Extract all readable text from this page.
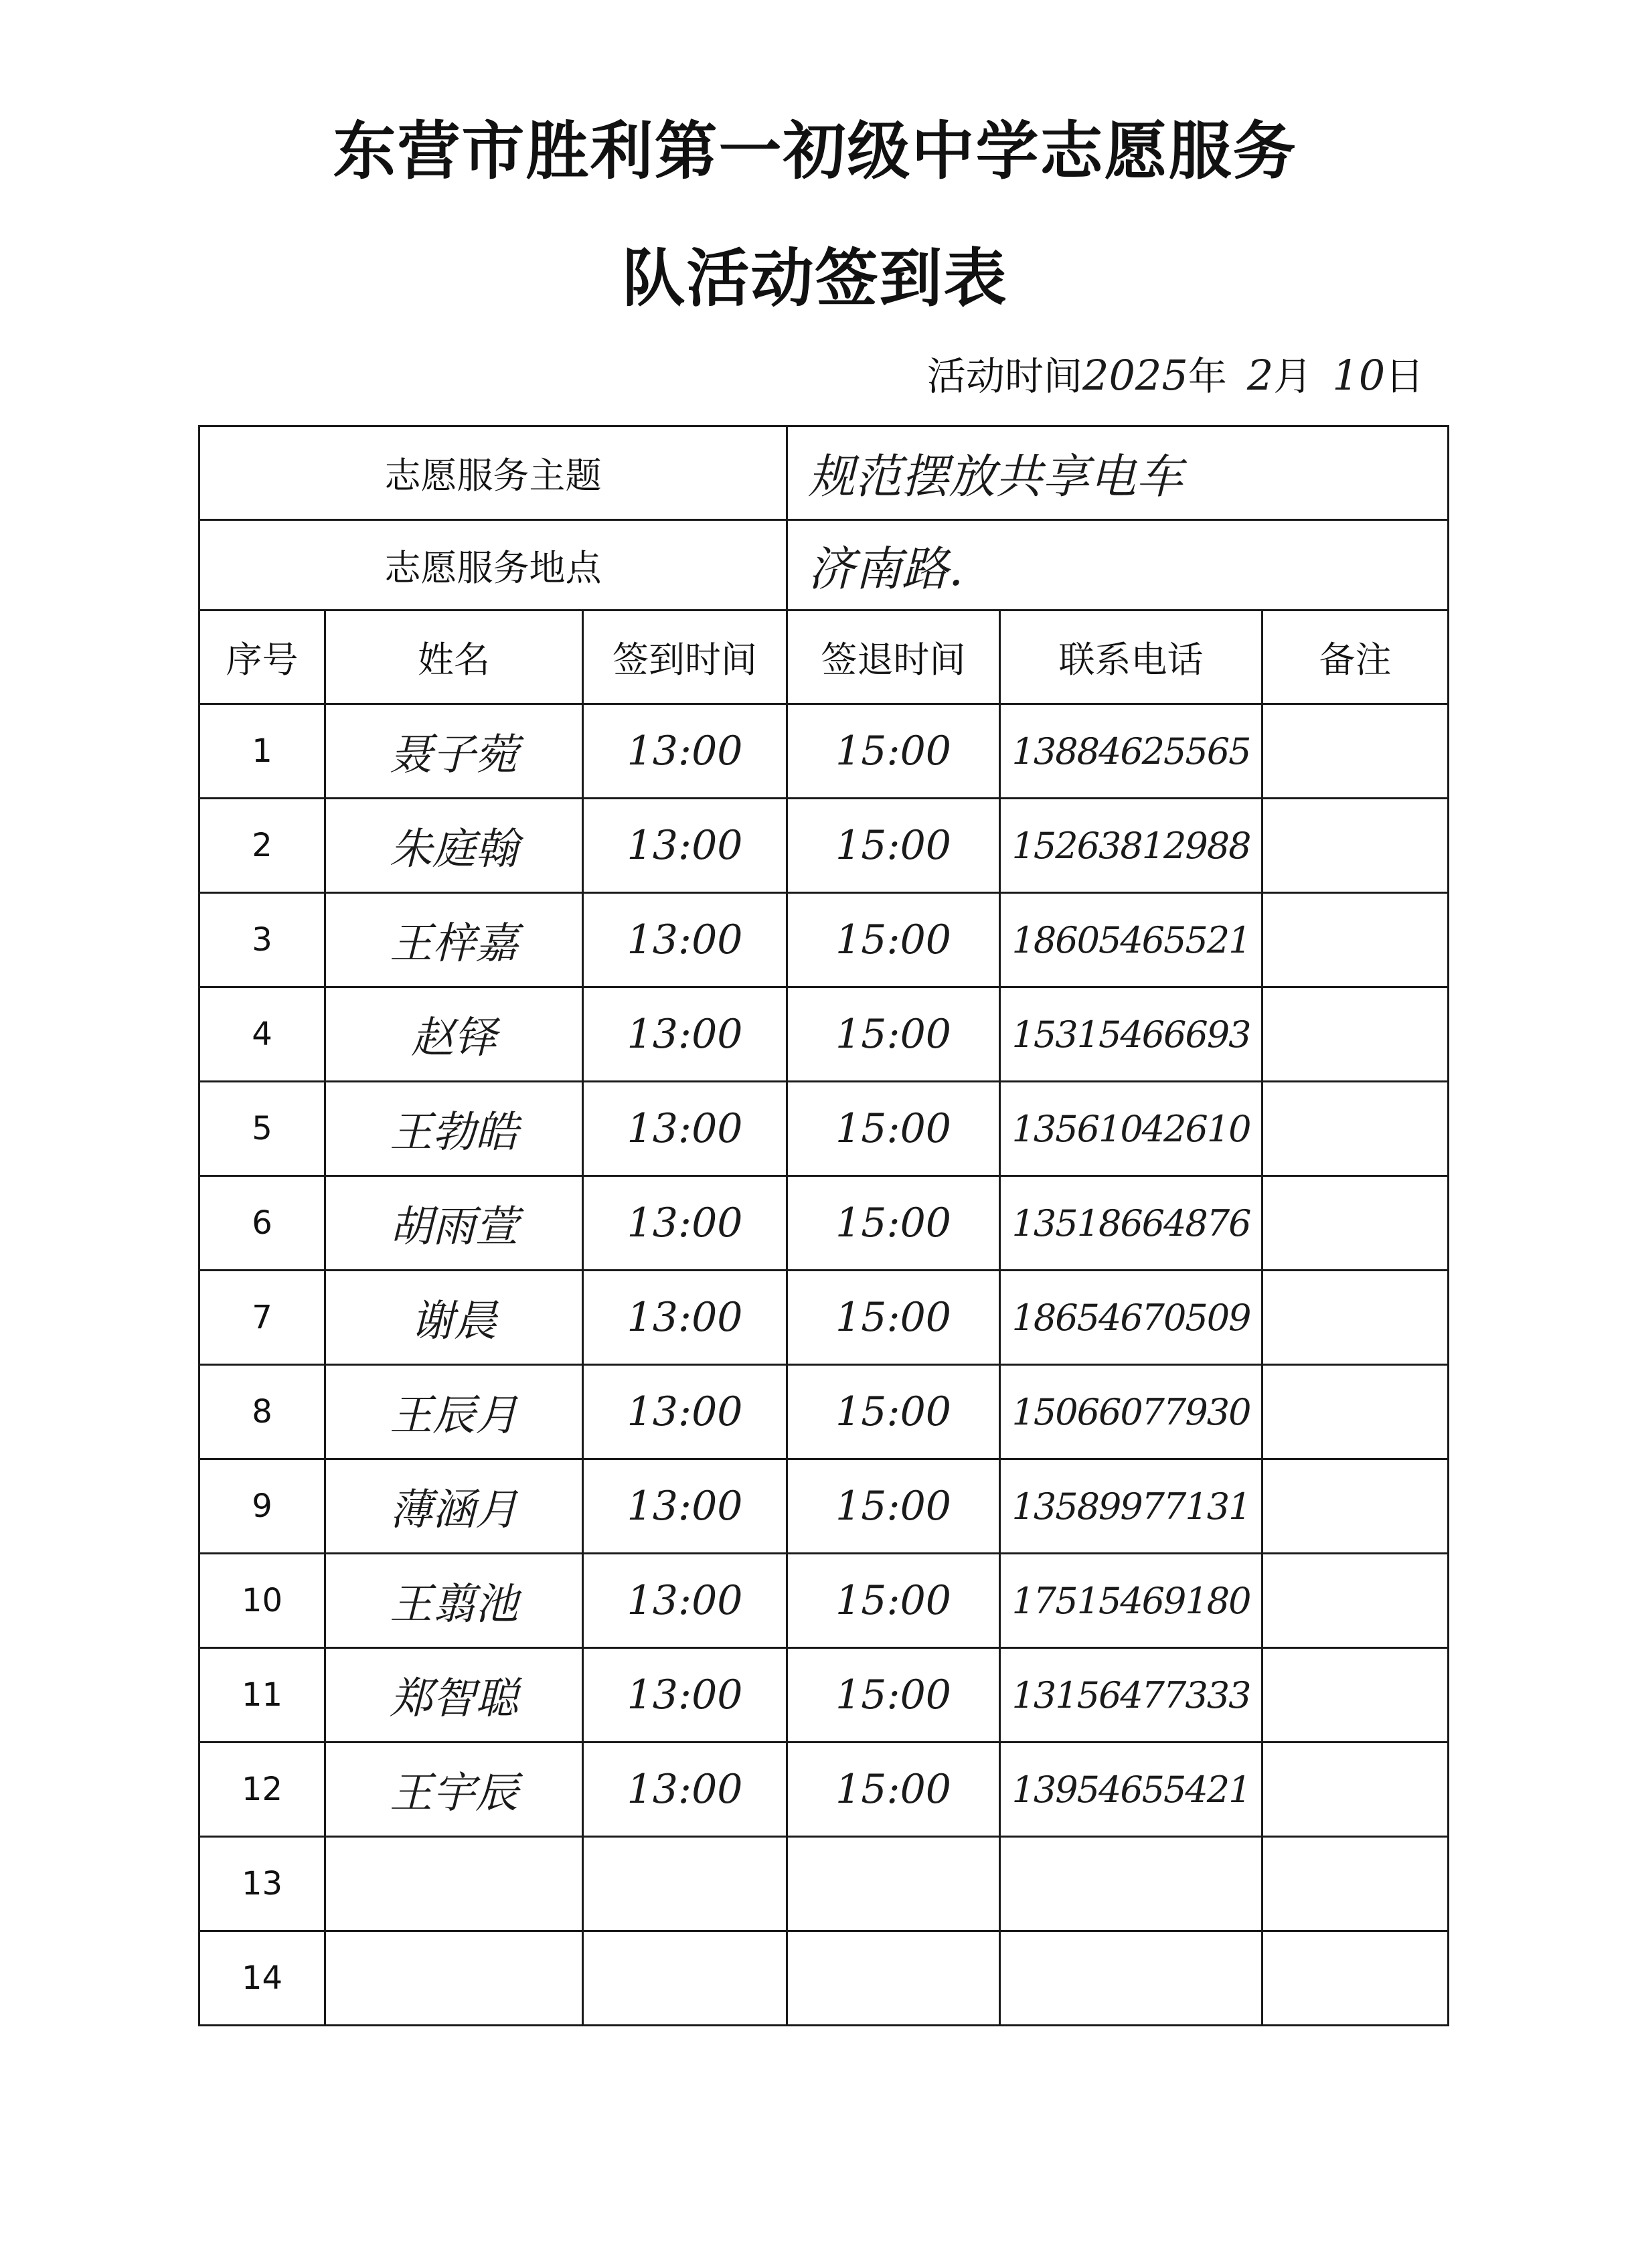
东营市胜利第一初级中学志愿服务
队活动签到表
活动时间2025年 2月 10日
志愿服务主题			规范摆放共享电车		
志愿服务地点			济南路.		
序号	姓名	签到时间	签退时间	联系电话	备注
1	聂子菀	13:00	15:00	13884625565	
2	朱庭翰	13:00	15:00	15263812988	
3	王梓嘉	13:00	15:00	18605465521	
4	赵铎	13:00	15:00	15315466693	
5	王勃皓	13:00	15:00	13561042610	
6	胡雨萱	13:00	15:00	13518664876	
7	谢晨	13:00	15:00	18654670509	
8	王辰月	13:00	15:00	15066077930	
9	薄涵月	13:00	15:00	13589977131	
10	王翦池	13:00	15:00	17515469180	
11	郑智聪	13:00	15:00	13156477333	
12	王宇辰	13:00	15:00	13954655421	
13					
14					
